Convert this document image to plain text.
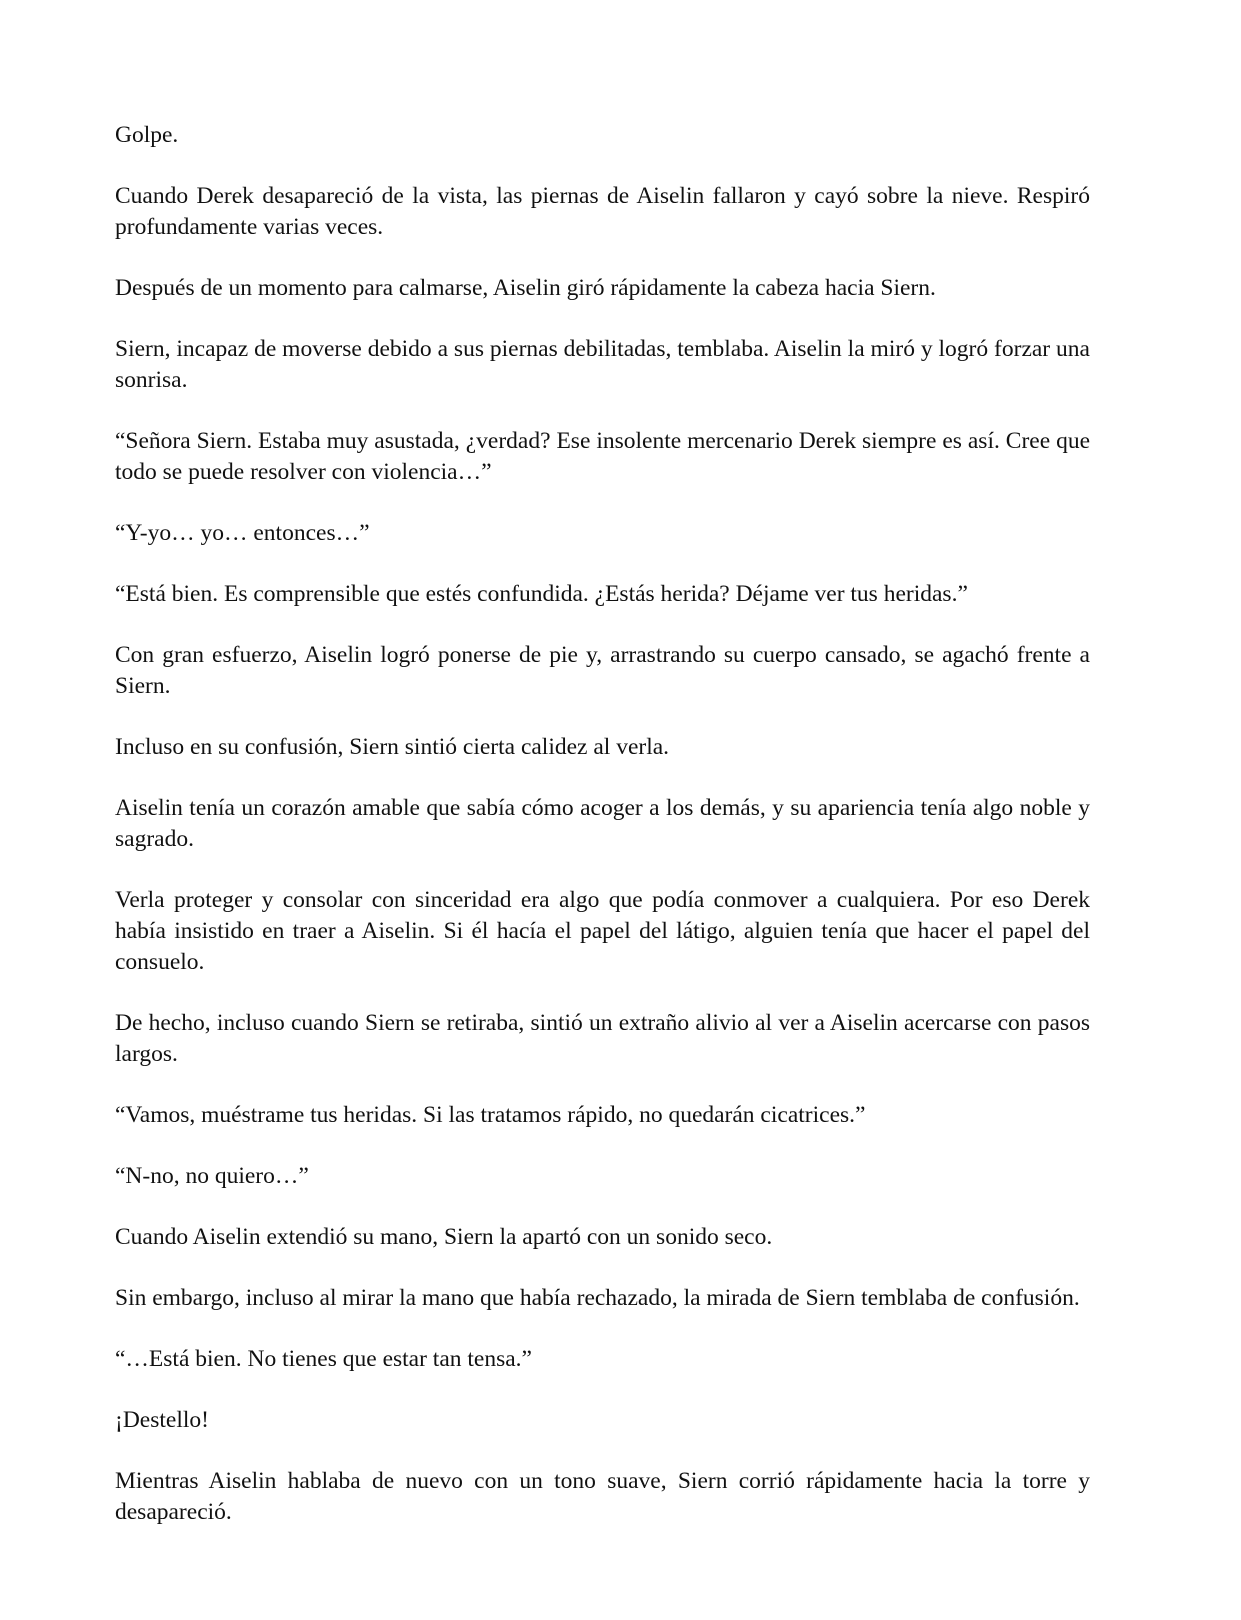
Golpe.

Cuando Derek desapareció de la vista, las piernas de Aiselin fallaron y cayó sobre la nieve. Respiró profundamente varias veces.

Después de un momento para calmarse, Aiselin giró rápidamente la cabeza hacia Siern.

Siern, incapaz de moverse debido a sus piernas debilitadas, temblaba. Aiselin la miró y logró forzar una sonrisa.

“Señora Siern. Estaba muy asustada, ¿verdad? Ese insolente mercenario Derek siempre es así. Cree que todo se puede resolver con violencia…”

“Y-yo… yo… entonces…”

“Está bien. Es comprensible que estés confundida. ¿Estás herida? Déjame ver tus heridas.”

Con gran esfuerzo, Aiselin logró ponerse de pie y, arrastrando su cuerpo cansado, se agachó frente a Siern.

Incluso en su confusión, Siern sintió cierta calidez al verla.

Aiselin tenía un corazón amable que sabía cómo acoger a los demás, y su apariencia tenía algo noble y sagrado.

Verla proteger y consolar con sinceridad era algo que podía conmover a cualquiera. Por eso Derek había insistido en traer a Aiselin. Si él hacía el papel del látigo, alguien tenía que hacer el papel del consuelo.

De hecho, incluso cuando Siern se retiraba, sintió un extraño alivio al ver a Aiselin acercarse con pasos largos.

“Vamos, muéstrame tus heridas. Si las tratamos rápido, no quedarán cicatrices.”

“N-no, no quiero…”

Cuando Aiselin extendió su mano, Siern la apartó con un sonido seco.

Sin embargo, incluso al mirar la mano que había rechazado, la mirada de Siern temblaba de confusión.

“…Está bien. No tienes que estar tan tensa.”

¡Destello!

Mientras Aiselin hablaba de nuevo con un tono suave, Siern corrió rápidamente hacia la torre y desapareció.
